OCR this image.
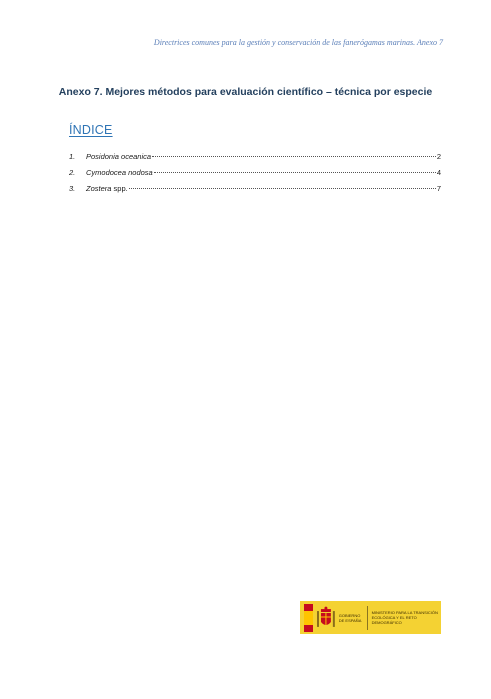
Directrices comunes para la gestión y conservación de las fanerógamas marinas. Anexo 7
Anexo 7. Mejores métodos para evaluación científico – técnica por especie
ÍNDICE
1.	Posidonia oceanica	2
2.	Cymodocea nodosa	4
3.	Zostera spp.	7
GOBIERNO DE ESPAÑA
MINISTERIO PARA LA TRANSICIÓN ECOLÓGICA Y EL RETO DEMOGRÁFICO
